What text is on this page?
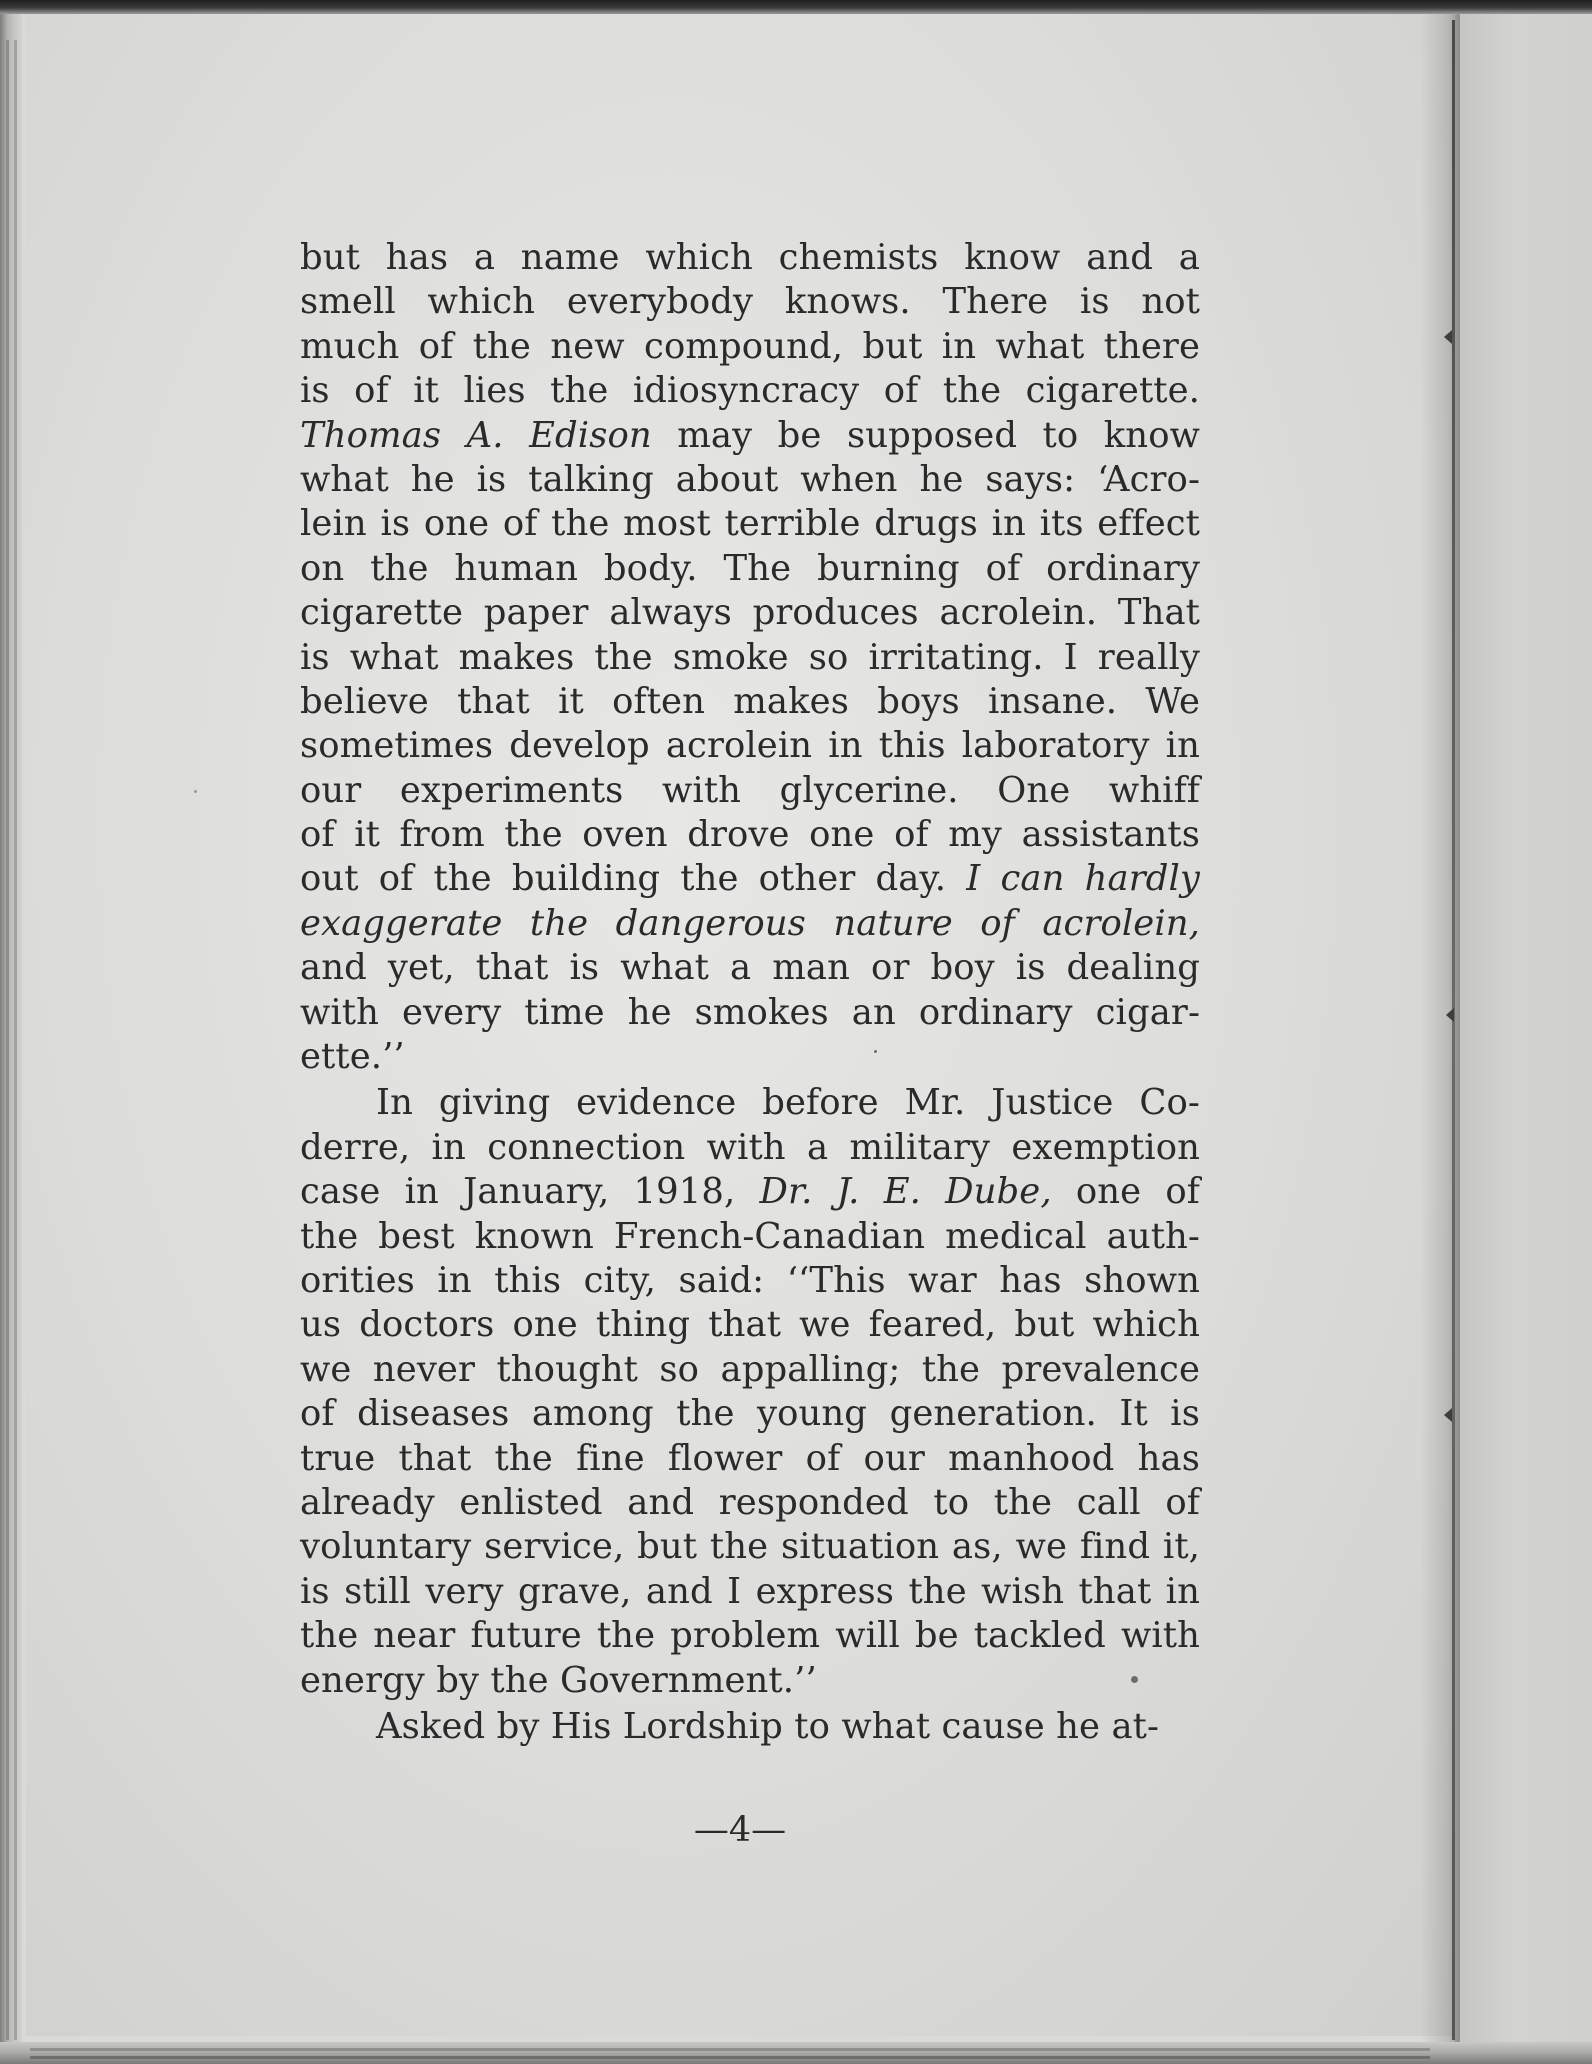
but has a name which chemists know and a
smell which everybody knows. There is not
much of the new compound, but in what there
is of it lies the idiosyncracy of the cigarette.
Thomas A. Edison may be supposed to know
what he is talking about when he says: ‘Acro-
lein is one of the most terrible drugs in its effect
on the human body. The burning of ordinary
cigarette paper always produces acrolein. That
is what makes the smoke so irritating. I really
believe that it often makes boys insane. We
sometimes develop acrolein in this laboratory in
our experiments with glycerine. One whiff
of it from the oven drove one of my assistants
out of the building the other day. I can hardly
exaggerate the dangerous nature of acrolein,
and yet, that is what a man or boy is dealing
with every time he smokes an ordinary cigar-
ette.’’
In giving evidence before Mr. Justice Co-
derre, in connection with a military exemption
case in January, 1918, Dr. J. E. Dube, one of
the best known French-Canadian medical auth-
orities in this city, said: ‘‘This war has shown
us doctors one thing that we feared, but which
we never thought so appalling; the prevalence
of diseases among the young generation. It is
true that the fine flower of our manhood has
already enlisted and responded to the call of
voluntary service, but the situation as, we find it,
is still very grave, and I express the wish that in
the near future the problem will be tackled with
energy by the Government.’’
Asked by His Lordship to what cause he at-
—4—
